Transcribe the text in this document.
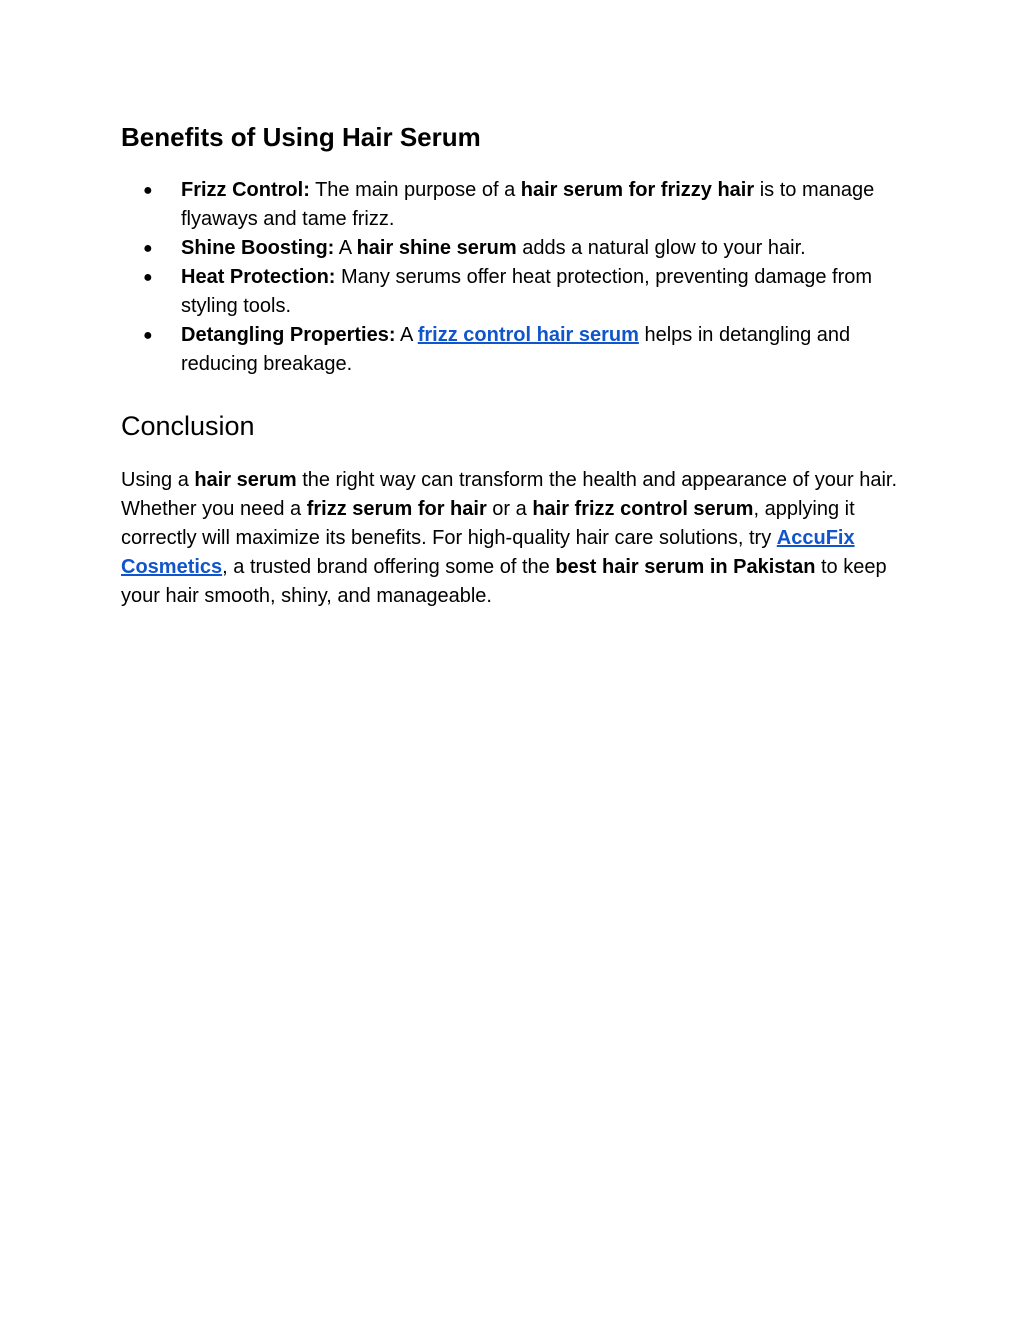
Benefits of Using Hair Serum
● Frizz Control: The main purpose of a hair serum for frizzy hair is to manage flyaways and tame frizz.
● Shine Boosting: A hair shine serum adds a natural glow to your hair.
● Heat Protection: Many serums offer heat protection, preventing damage from styling tools.
● Detangling Properties: A frizz control hair serum helps in detangling and reducing breakage.
Conclusion

Using a hair serum the right way can transform the health and appearance of your hair. Whether you need a frizz serum for hair or a hair frizz control serum, applying it correctly will maximize its benefits. For high-quality hair care solutions, try AccuFix Cosmetics, a trusted brand offering some of the best hair serum in Pakistan to keep your hair smooth, shiny, and manageable.
